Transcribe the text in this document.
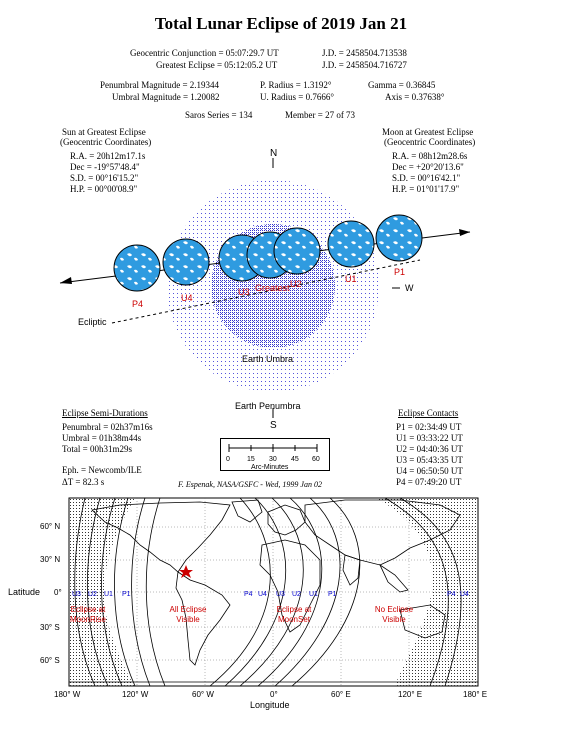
Total Lunar Eclipse of 2019 Jan 21
Geocentric Conjunction = 05:07:29.7 UT	J.D. = 2458504.713538
Greatest Eclipse = 05:12:05.2 UT	J.D. = 2458504.716727
Penumbral Magnitude = 2.19344	P. Radius = 1.3192°	Gamma = 0.36845
Umbral Magnitude = 1.20082	U. Radius = 0.7666°	Axis = 0.37638°
Saros Series = 134	Member = 27 of 73
Sun at Greatest Eclipse
(Geocentric Coordinates)
R.A. = 20h12m17.1s
Dec = -19°57'48.4"
S.D. = 00°16'15.2"
H.P. = 00°00'08.9"
Moon at Greatest Eclipse
(Geocentric Coordinates)
R.A. = 08h12m28.6s
Dec = +20°20'13.6"
S.D. = 00°16'42.1"
H.P. = 01°01'17.9"
P1
U1
U2
Greatest
U3
U4
P4
N
S
W
Ecliptic
Earth Umbra
Earth Penumbra
Eclipse Semi-Durations
Penumbral = 02h37m16s
Umbral = 01h38m44s
Total = 00h31m29s
Eph. = Newcomb/ILE
ΔT = 82.3 s
Eclipse Contacts
P1 = 02:34:49 UT
U1 = 03:33:22 UT
U2 = 04:40:36 UT
U3 = 05:43:35 UT
U4 = 06:50:50 UT
P4 = 07:49:20 UT
0 15 30 45 60
Arc-Minutes
F. Espenak, NASA/GSFC - Wed, 1999 Jan 02
60° N
30° N
0°
30° S
60° S
Latitude
180° W	120° W	60° W	0°	60° E	120° E	180° E
Longitude
U3 U2 U1 P1	P4 U4 U3 U2 U1 P1	P4 U4
Eclipse at
MoonRise
All Eclipse
Visible
Eclipse at
MoonSet
No Eclipse
Visible
